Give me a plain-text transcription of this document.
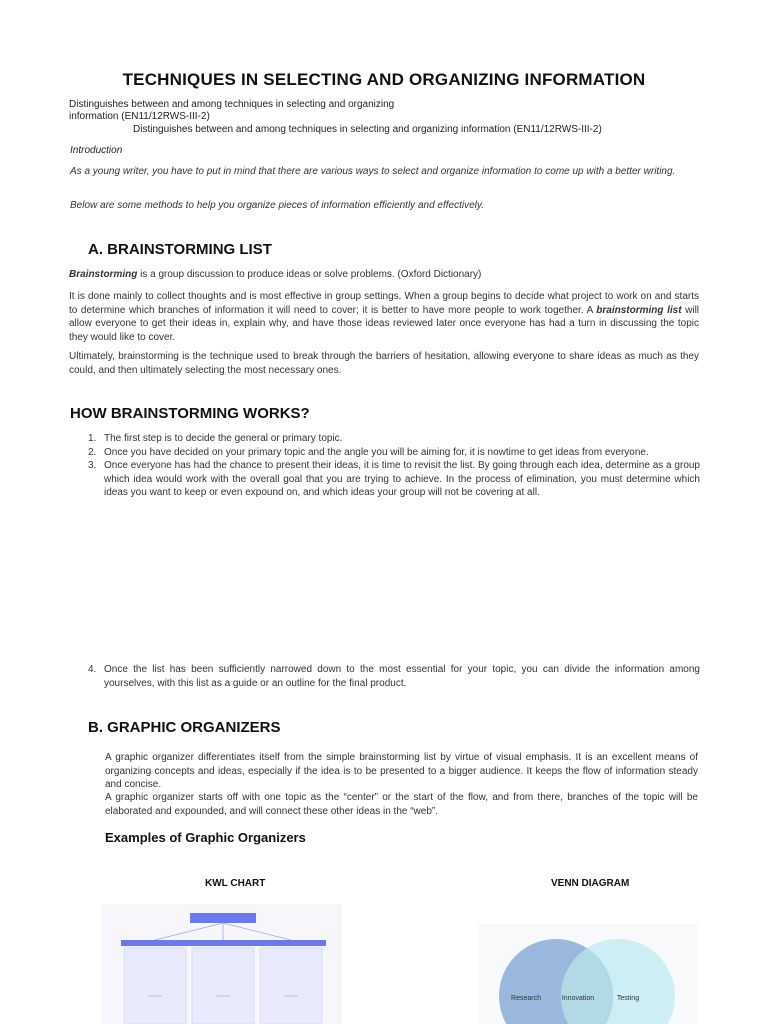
TECHNIQUES IN SELECTING AND ORGANIZING INFORMATION
Distinguishes between and among techniques in selecting and organizing
information (EN11/12RWS-III-2)
Distinguishes between and among techniques in selecting and organizing information (EN11/12RWS-III-2)
Introduction
As a young writer, you have to put in mind that there are various ways to select and organize information to come up with a better writing.
Below are some methods to help you organize pieces of information efficiently and effectively.
A. BRAINSTORMING LIST
Brainstorming is a group discussion to produce ideas or solve problems. (Oxford Dictionary)
It is done mainly to collect thoughts and is most effective in group settings. When a group begins to decide what project to work on and starts to determine which branches of information it will need to cover; it is better to have more people to work together. A brainstorming list will allow everyone to get their ideas in, explain why, and have those ideas reviewed later once everyone has had a turn in discussing the topic they would like to cover.
Ultimately, brainstorming is the technique used to break through the barriers of hesitation, allowing everyone to share ideas as much as they could, and then ultimately selecting the most necessary ones.
HOW BRAINSTORMING WORKS?
1. The first step is to decide the general or primary topic.
2. Once you have decided on your primary topic and the angle you will be aiming for, it is nowtime to get ideas from everyone.
3. Once everyone has had the chance to present their ideas, it is time to revisit the list. By going through each idea, determine as a group which idea would work with the overall goal that you are trying to achieve. In the process of elimination, you must determine which ideas you want to keep or even expound on, and which ideas your group will not be covering at all.
4. Once the list has been sufficiently narrowed down to the most essential for your topic, you can divide the information among yourselves, with this list as a guide or an outline for the final product.
B. GRAPHIC ORGANIZERS
A graphic organizer differentiates itself from the simple brainstorming list by virtue of visual emphasis. It is an excellent means of organizing concepts and ideas, especially if the idea is to be presented to a bigger audience. It keeps the flow of information steady and concise.
A graphic organizer starts off with one topic as the “center” or the start of the flow, and from there, branches of the topic will be elaborated and expounded, and will connect these other ideas in the “web”.
Examples of Graphic Organizers
KWL CHART	VENN DIAGRAM
Research	Innovation	Testing
